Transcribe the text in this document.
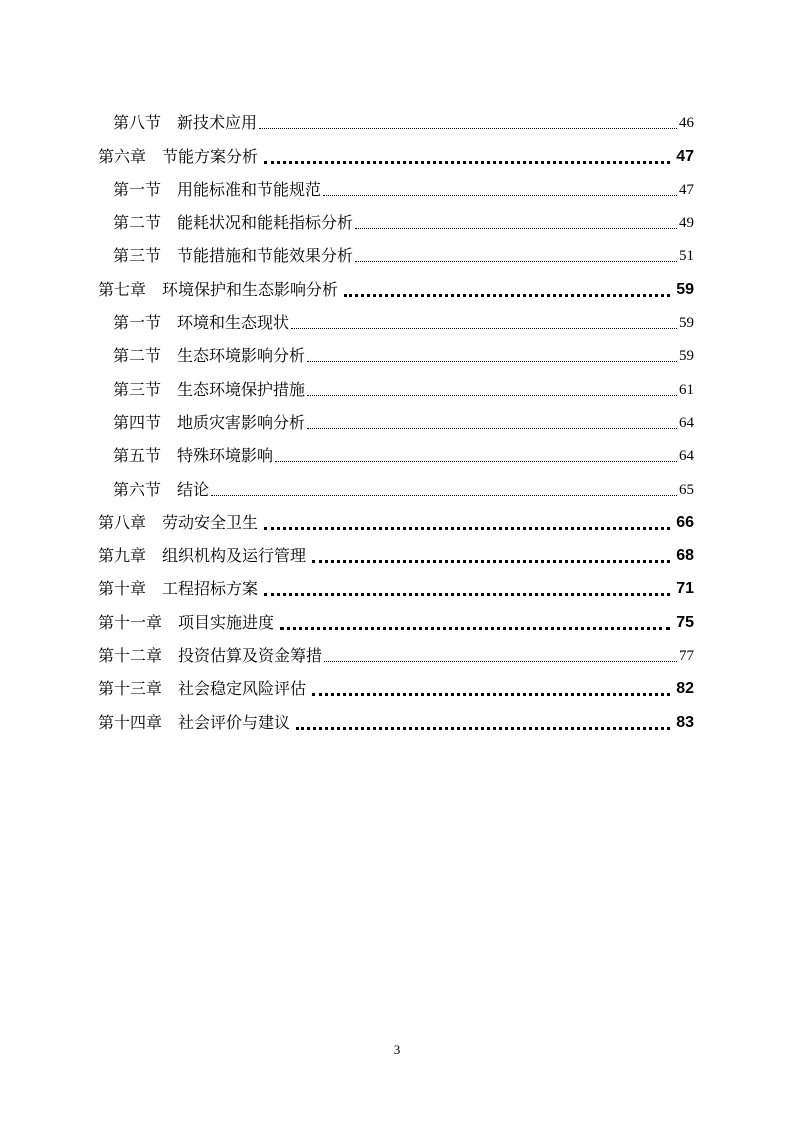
第八节　新技术应用	46
第六章　节能方案分析	47
第一节　用能标准和节能规范	47
第二节　能耗状况和能耗指标分析	49
第三节　节能措施和节能效果分析	51
第七章　环境保护和生态影响分析	59
第一节　环境和生态现状	59
第二节　生态环境影响分析	59
第三节　生态环境保护措施	61
第四节　地质灾害影响分析	64
第五节　特殊环境影响	64
第六节　结论	65
第八章　劳动安全卫生	66
第九章　组织机构及运行管理	68
第十章　工程招标方案	71
第十一章　项目实施进度	75
第十二章　投资估算及资金筹措	77
第十三章　社会稳定风险评估	82
第十四章　社会评价与建议	83
3
